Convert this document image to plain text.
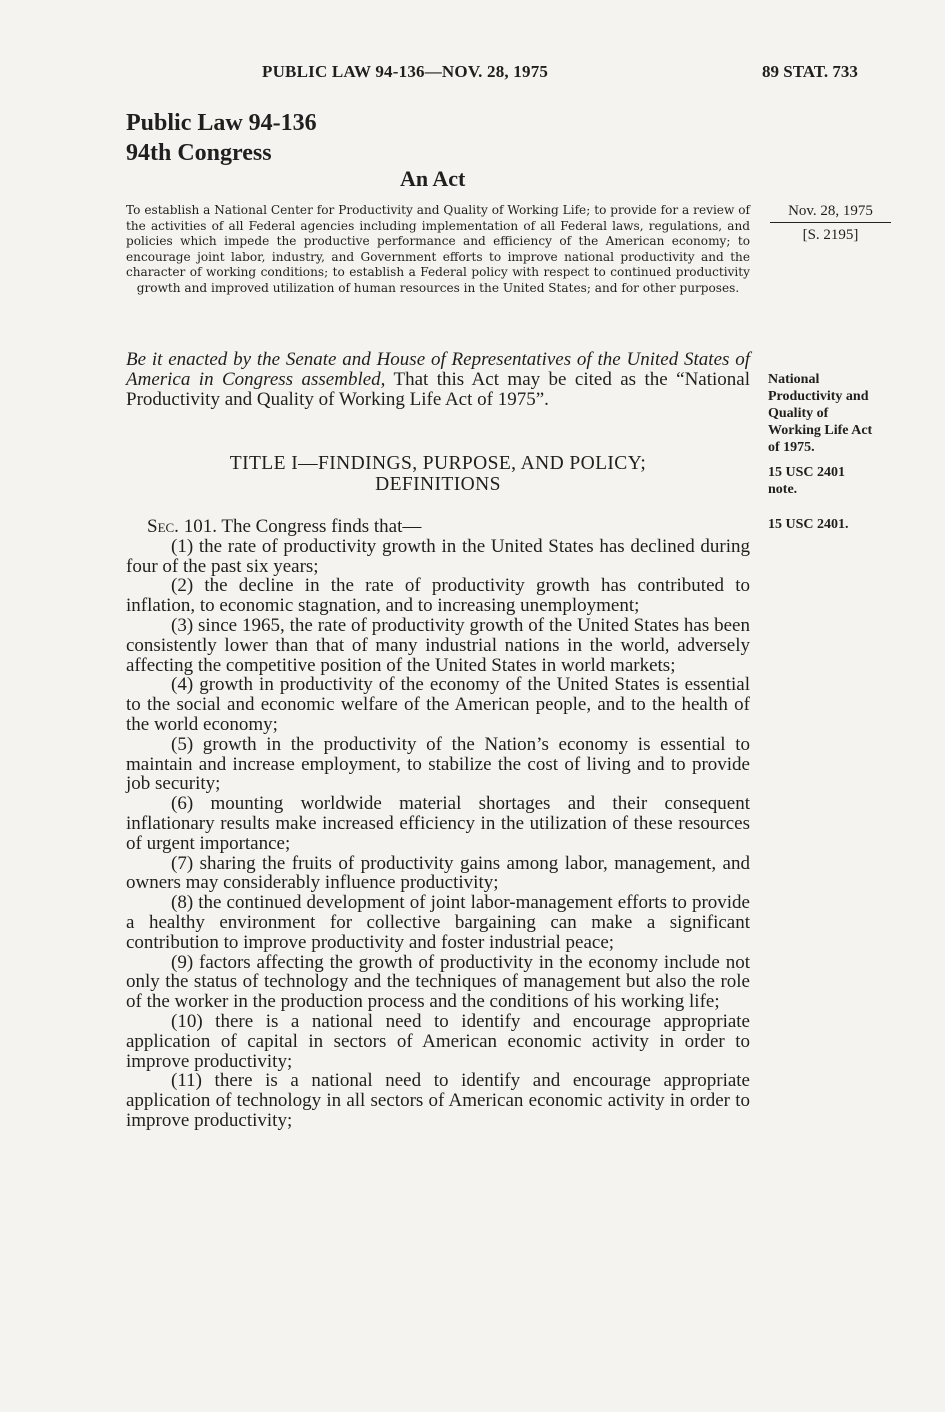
PUBLIC LAW 94-136—NOV. 28, 1975	89 STAT. 733
Public Law 94-136
94th Congress
An Act
To establish a National Center for Productivity and Quality of Working Life; to provide for a review of the activities of all Federal agencies including implementation of all Federal laws, regulations, and policies which impede the productive performance and efficiency of the American economy; to encourage joint labor, industry, and Government efforts to improve national productivity and the character of working conditions; to establish a Federal policy with respect to continued productivity growth and improved utilization of human resources in the United States; and for other purposes.
Nov. 28, 1975
[S. 2195]
Be it enacted by the Senate and House of Representatives of the United States of America in Congress assembled, That this Act may be cited as the “National Productivity and Quality of Working Life Act of 1975”.
National
Productivity and
Quality of
Working Life Act
of 1975.
15 USC 2401
note.
TITLE I—FINDINGS, PURPOSE, AND POLICY;
DEFINITIONS
15 USC 2401.

Sec. 101. The Congress finds that—

(1) the rate of productivity growth in the United States has declined during four of the past six years;

(2) the decline in the rate of productivity growth has contributed to inflation, to economic stagnation, and to increasing unemployment;

(3) since 1965, the rate of productivity growth of the United States has been consistently lower than that of many industrial nations in the world, adversely affecting the competitive position of the United States in world markets;

(4) growth in productivity of the economy of the United States is essential to the social and economic welfare of the American people, and to the health of the world economy;

(5) growth in the productivity of the Nation’s economy is essential to maintain and increase employment, to stabilize the cost of living and to provide job security;

(6) mounting worldwide material shortages and their consequent inflationary results make increased efficiency in the utilization of these resources of urgent importance;

(7) sharing the fruits of productivity gains among labor, management, and owners may considerably influence productivity;

(8) the continued development of joint labor-management efforts to provide a healthy environment for collective bargaining can make a significant contribution to improve productivity and foster industrial peace;

(9) factors affecting the growth of productivity in the economy include not only the status of technology and the techniques of management but also the role of the worker in the production process and the conditions of his working life;

(10) there is a national need to identify and encourage appropriate application of capital in sectors of American economic activity in order to improve productivity;

(11) there is a national need to identify and encourage appropriate application of technology in all sectors of American economic activity in order to improve productivity;
